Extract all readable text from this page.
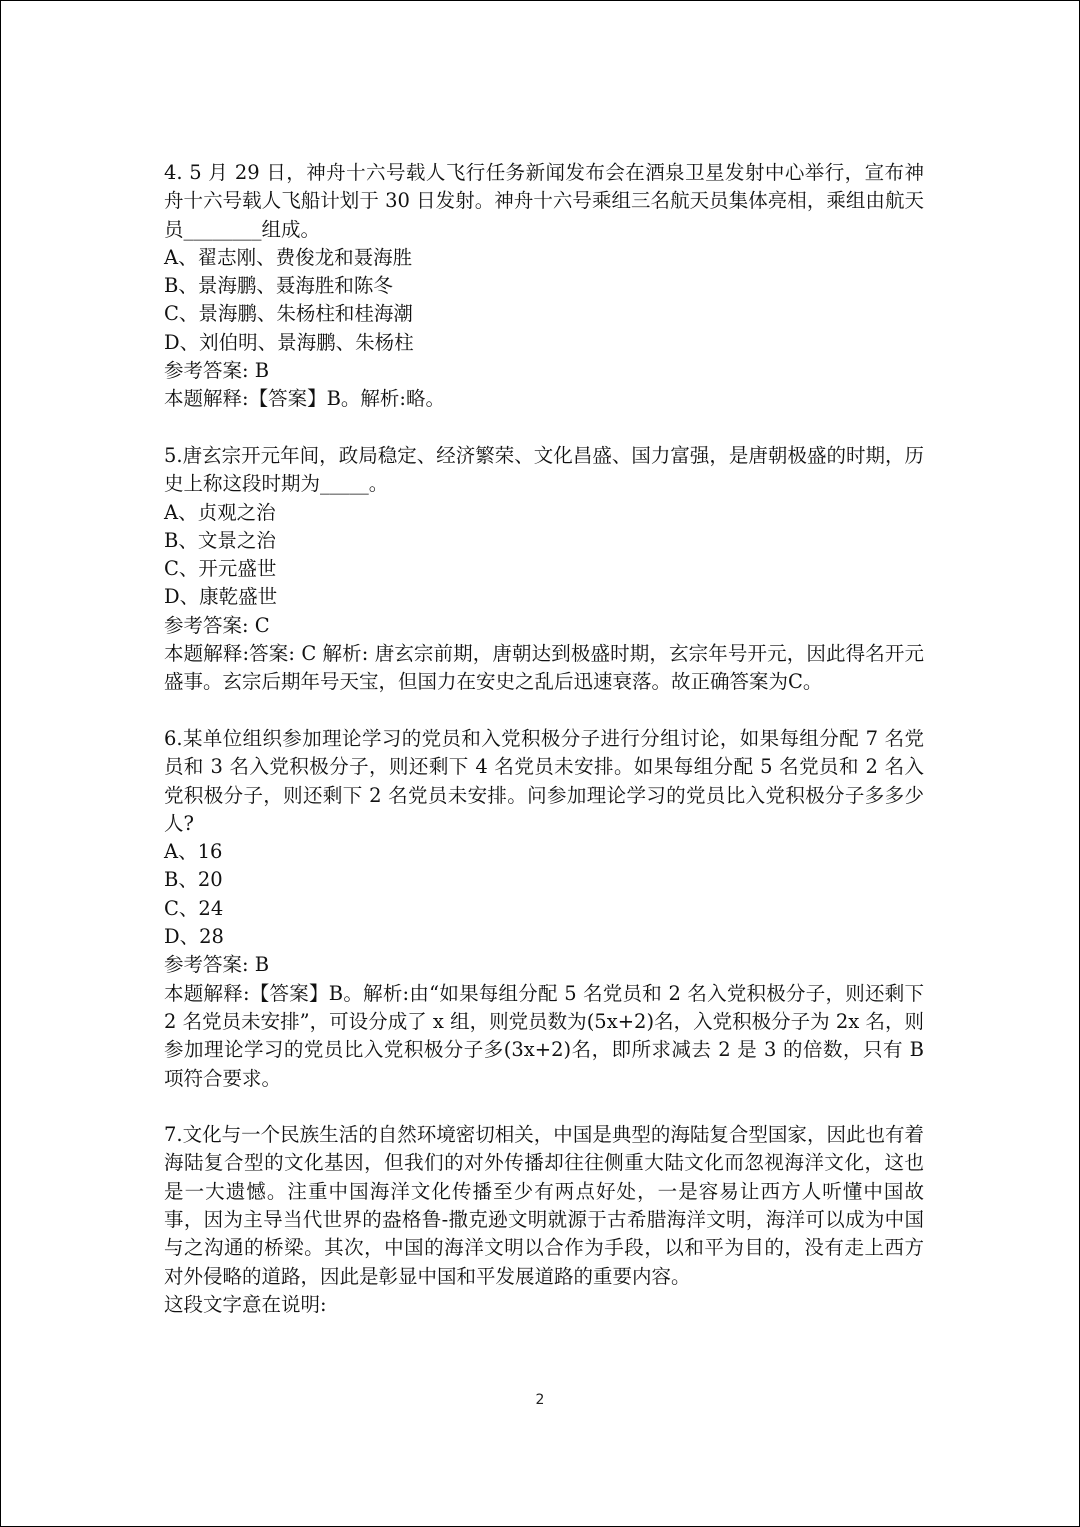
4. 5 月 29 日，神舟十六号载人飞行任务新闻发布会在酒泉卫星发射中心举行，宣布神舟十六号载人飞船计划于 30 日发射。神舟十六号乘组三名航天员集体亮相，乘组由航天员________组成。

A、翟志刚、费俊龙和聂海胜

B、景海鹏、聂海胜和陈冬

C、景海鹏、朱杨柱和桂海潮

D、刘伯明、景海鹏、朱杨柱

参考答案: B

本题解释:【答案】B。解析:略。

5.唐玄宗开元年间，政局稳定、经济繁荣、文化昌盛、国力富强，是唐朝极盛的时期，历史上称这段时期为_____。

A、贞观之治

B、文景之治

C、开元盛世

D、康乾盛世

参考答案: C

本题解释:答案: C 解析: 唐玄宗前期，唐朝达到极盛时期，玄宗年号开元，因此得名开元盛事。玄宗后期年号天宝，但国力在安史之乱后迅速衰落。故正确答案为C。

6.某单位组织参加理论学习的党员和入党积极分子进行分组讨论，如果每组分配 7 名党员和 3 名入党积极分子，则还剩下 4 名党员未安排。如果每组分配 5 名党员和 2 名入党积极分子，则还剩下 2 名党员未安排。问参加理论学习的党员比入党积极分子多多少人?

A、16

B、20

C、24

D、28

参考答案: B

本题解释:【答案】B。解析:由“如果每组分配 5 名党员和 2 名入党积极分子，则还剩下 2 名党员未安排”，可设分成了 x 组，则党员数为(5x+2)名，入党积极分子为 2x 名，则参加理论学习的党员比入党积极分子多(3x+2)名，即所求减去 2 是 3 的倍数，只有 B 项符合要求。

7.文化与一个民族生活的自然环境密切相关，中国是典型的海陆复合型国家，因此也有着海陆复合型的文化基因，但我们的对外传播却往往侧重大陆文化而忽视海洋文化，这也是一大遗憾。注重中国海洋文化传播至少有两点好处，一是容易让西方人听懂中国故事，因为主导当代世界的盎格鲁-撒克逊文明就源于古希腊海洋文明，海洋可以成为中国与之沟通的桥梁。其次，中国的海洋文明以合作为手段，以和平为目的，没有走上西方对外侵略的道路，因此是彰显中国和平发展道路的重要内容。

这段文字意在说明:

2
